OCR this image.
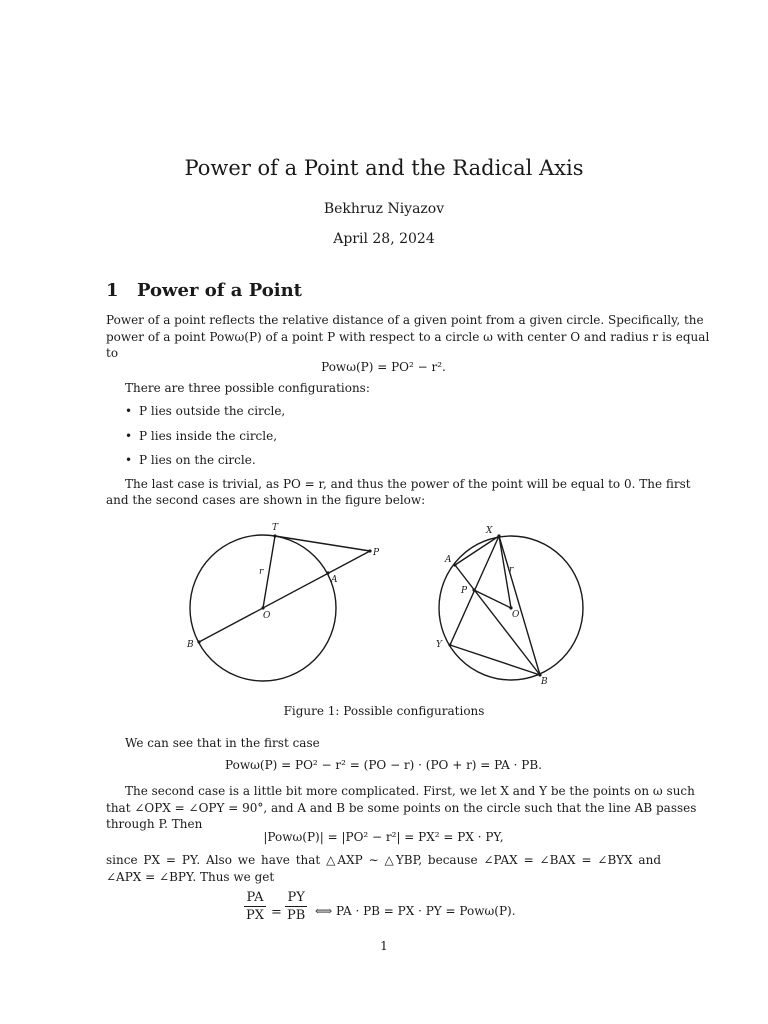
Power of a Point and the Radical Axis
Bekhruz Niyazov
April 28, 2024
1 Power of a Point
Power of a point reflects the relative distance of a given point from a given circle. Specifically, the
power of a point Powω(P) of a point P with respect to a circle ω with center O and radius r is equal
to
Powω(P) = PO² − r².
There are three possible configurations:
• P lies outside the circle,
• P lies inside the circle,
• P lies on the circle.
The last case is trivial, as PO = r, and thus the power of the point will be equal to 0. The first
and the second cases are shown in the figure below:
T
P
A
O
B
r
X
A
P
O
Y
B
r
Figure 1: Possible configurations
We can see that in the first case
Powω(P) = PO² − r² = (PO − r) · (PO + r) = PA · PB.
The second case is a little bit more complicated. First, we let X and Y be the points on ω such
that ∠OPX = ∠OPY = 90°, and A and B be some points on the circle such that the line AB passes
through P. Then
|Powω(P)| = |PO² − r²| = PX² = PX · PY,
since PX = PY. Also we have that △AXP ∼ △YBP, because ∠PAX = ∠BAX = ∠BYX and
∠APX = ∠BPY. Thus we get
PA
PX =
PY
PB ⟺ PA · PB = PX · PY = Powω(P).
1
